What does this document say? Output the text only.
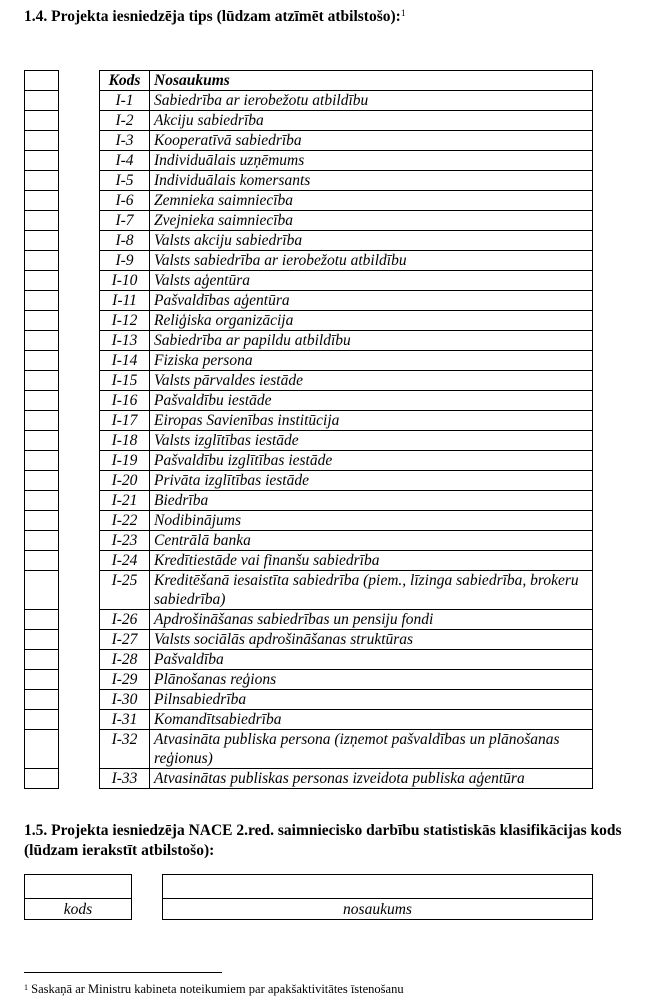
1.4. Projekta iesniedzēja tips (lūdzam atzīmēt atbilstošo):$^1$

Kods	Nosaukums
I-1	Sabiedrība ar ierobežotu atbildību
I-2	Akciju sabiedrība
I-3	Kooperatīvā sabiedrība
I-4	Individuālais uzņēmums
I-5	Individuālais komersants
I-6	Zemnieka saimniecība
I-7	Zvejnieka saimniecība
I-8	Valsts akciju sabiedrība
I-9	Valsts sabiedrība ar ierobežotu atbildību
I-10	Valsts aģentūra
I-11	Pašvaldības aģentūra
I-12	Reliģiska organizācija
I-13	Sabiedrība ar papildu atbildību
I-14	Fiziska persona
I-15	Valsts pārvaldes iestāde
I-16	Pašvaldību iestāde
I-17	Eiropas Savienības institūcija
I-18	Valsts izglītības iestāde
I-19	Pašvaldību izglītības iestāde
I-20	Privāta izglītības iestāde
I-21	Biedrība
I-22	Nodibinājums
I-23	Centrālā banka
I-24	Kredītiestāde vai finanšu sabiedrība
I-25	Kreditēšanā iesaistīta sabiedrība (piem., līzinga sabiedrība, brokeru sabiedrība)
I-26	Apdrošināšanas sabiedrības un pensiju fondi
I-27	Valsts sociālās apdrošināšanas struktūras
I-28	Pašvaldība
I-29	Plānošanas reģions
I-30	Pilnsabiedrība
I-31	Komandītsabiedrība
I-32	Atvasināta publiska persona (izņemot pašvaldības un plānošanas reģionus)
I-33	Atvasinātas publiskas personas izveidota publiska aģentūra
1.5. Projekta iesniedzēja NACE 2.red. saimniecisko darbību statistiskās klasifikācijas kods (lūdzam ierakstīt atbilstošo):

kods	nosaukums
$^1$ Saskaņā ar Ministru kabineta noteikumiem par apakšaktivitātes īstenošanu
